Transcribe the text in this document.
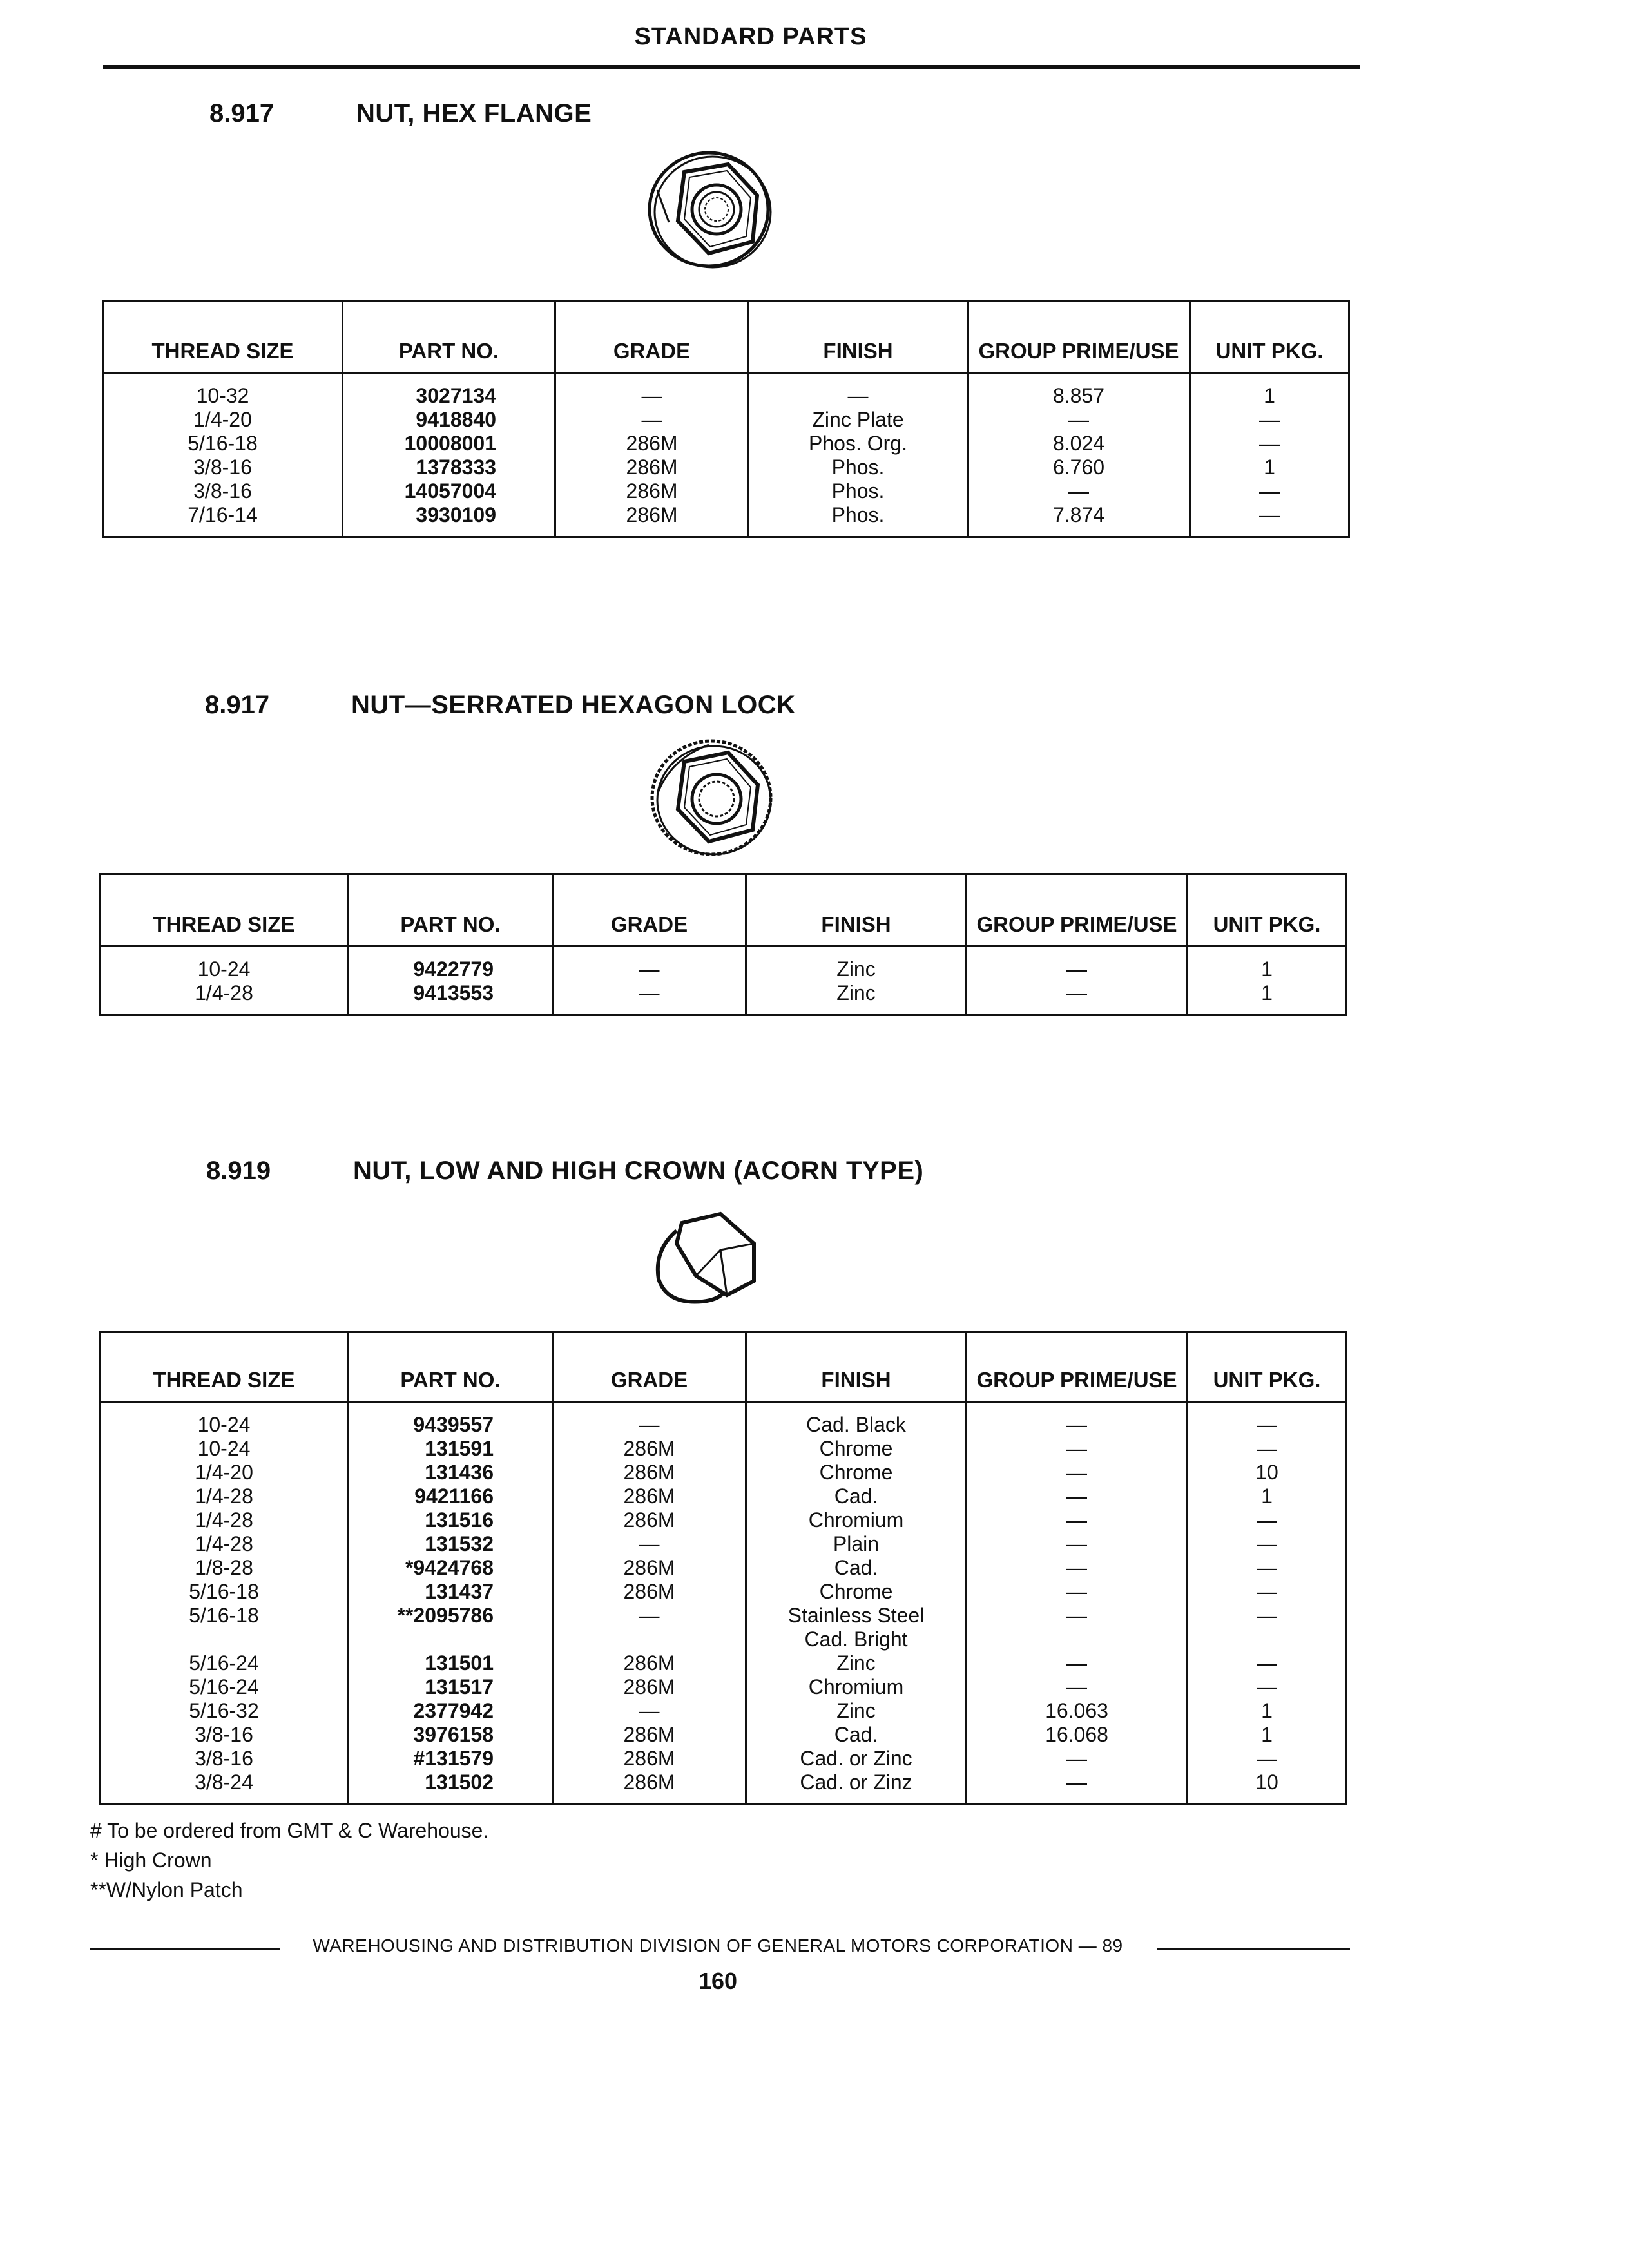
STANDARD PARTS
8.917	NUT, HEX FLANGE
THREAD SIZE	PART NO.	GRADE	FINISH	GROUP PRIME/USE	UNIT PKG.
10-32	3027134	—	—	8.857	1
1/4-20	9418840	—	Zinc Plate	—	—
5/16-18	10008001	286M	Phos. Org.	8.024	—
3/8-16	1378333	286M	Phos.	6.760	1
3/8-16	14057004	286M	Phos.	—	—
7/16-14	3930109	286M	Phos.	7.874	—
8.917	NUT—SERRATED HEXAGON LOCK
THREAD SIZE	PART NO.	GRADE	FINISH	GROUP PRIME/USE	UNIT PKG.
10-24	9422779	—	Zinc	—	1
1/4-28	9413553	—	Zinc	—	1
8.919	NUT, LOW AND HIGH CROWN (ACORN TYPE)
THREAD SIZE	PART NO.	GRADE	FINISH	GROUP PRIME/USE	UNIT PKG.
10-24	9439557	—	Cad. Black	—	—
10-24	131591	286M	Chrome	—	—
1/4-20	131436	286M	Chrome	—	10
1/4-28	9421166	286M	Cad.	—	1
1/4-28	131516	286M	Chromium	—	—
1/4-28	131532	—	Plain	—	—
1/8-28	*9424768	286M	Cad.	—	—
5/16-18	131437	286M	Chrome	—	—
5/16-18	**2095786	—	Stainless Steel	—	—
			Cad. Bright		
5/16-24	131501	286M	Zinc	—	—
5/16-24	131517	286M	Chromium	—	—
5/16-32	2377942	—	Zinc	16.063	1
3/8-16	3976158	286M	Cad.	16.068	1
3/8-16	#131579	286M	Cad. or Zinc	—	—
3/8-24	131502	286M	Cad. or Zinz	—	10
# To be ordered from GMT & C Warehouse.
* High Crown
**W/Nylon Patch
WAREHOUSING AND DISTRIBUTION DIVISION OF GENERAL MOTORS CORPORATION — 89
160
